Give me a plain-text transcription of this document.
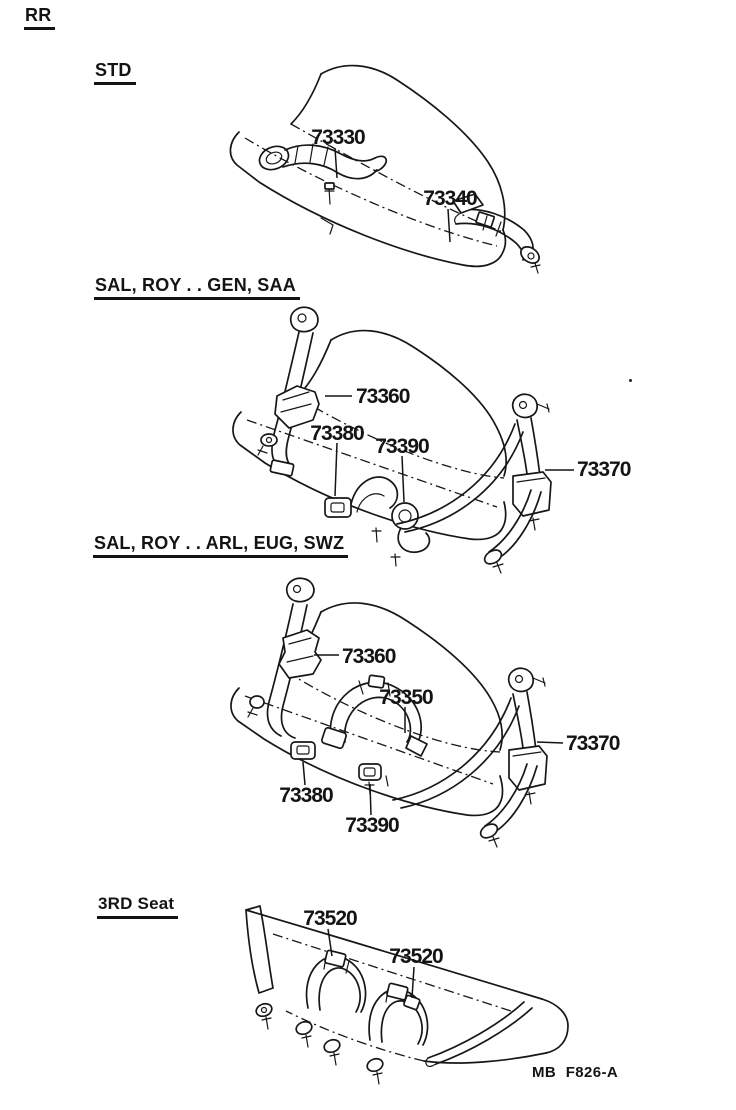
RR
STD
73330
73340
SAL, ROY . . GEN, SAA
73360
73380
73390
73370
SAL, ROY . . ARL, EUG, SWZ
73360
73350
73370
73380
73390
3RD Seat
73520
73520
MB F826-A
